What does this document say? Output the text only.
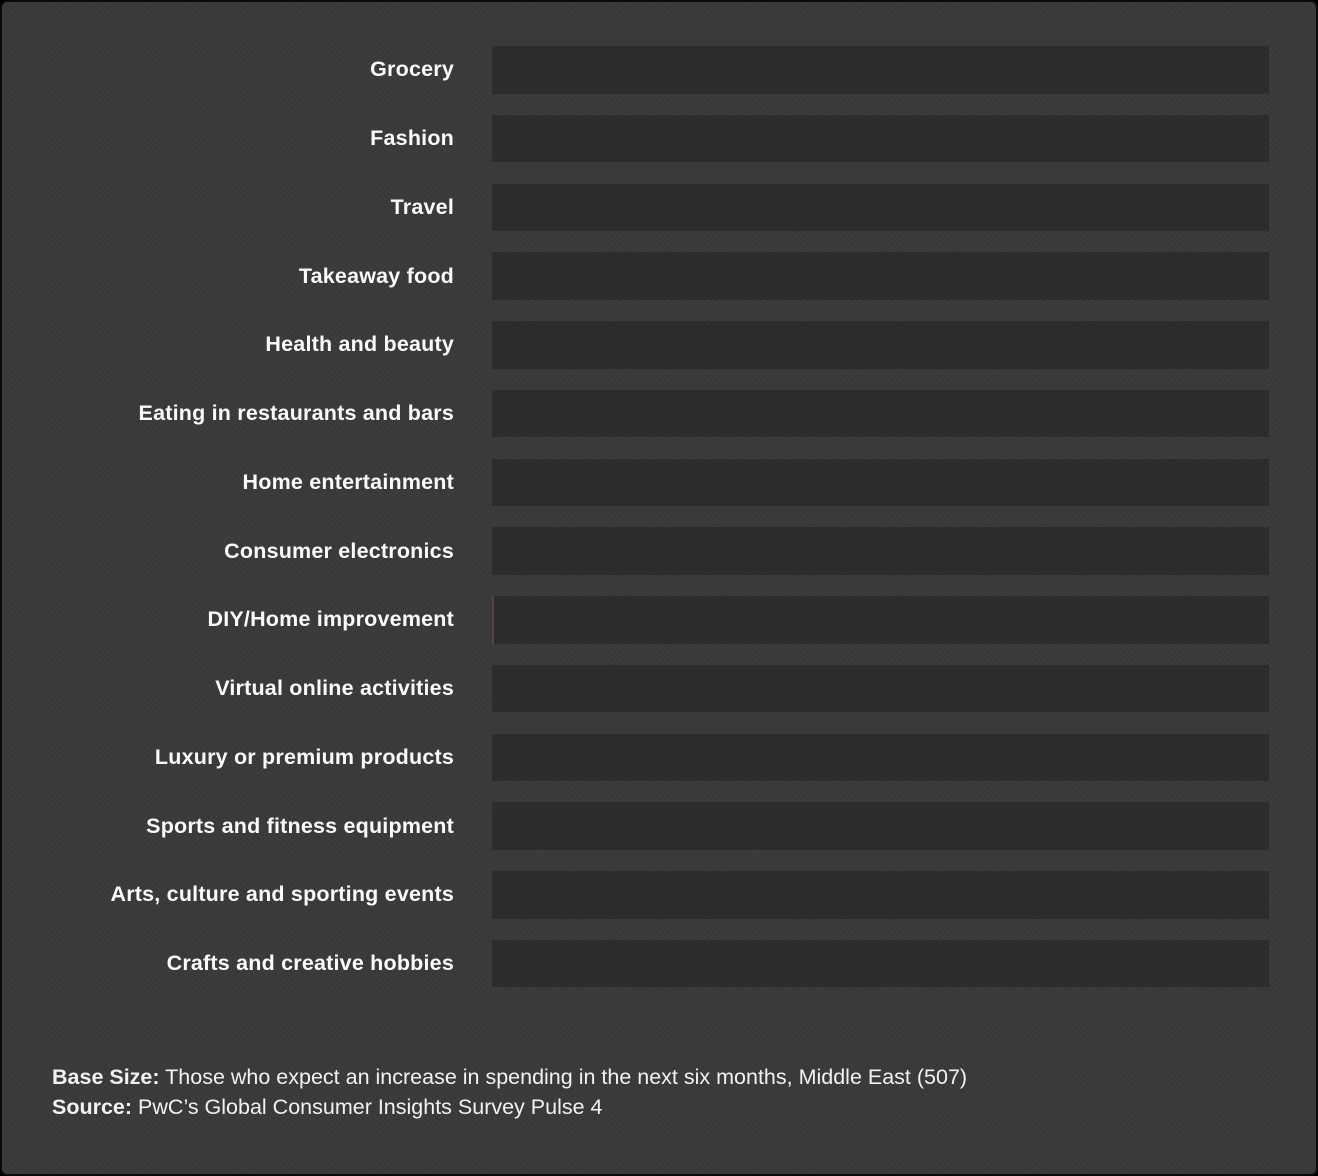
Grocery
Fashion
Travel
Takeaway food
Health and beauty
Eating in restaurants and bars
Home entertainment
Consumer electronics
DIY/Home improvement
Virtual online activities
Luxury or premium products
Sports and fitness equipment
Arts, culture and sporting events
Crafts and creative hobbies
Base Size: Those who expect an increase in spending in the next six months, Middle East (507)
Source: PwC’s Global Consumer Insights Survey Pulse 4
